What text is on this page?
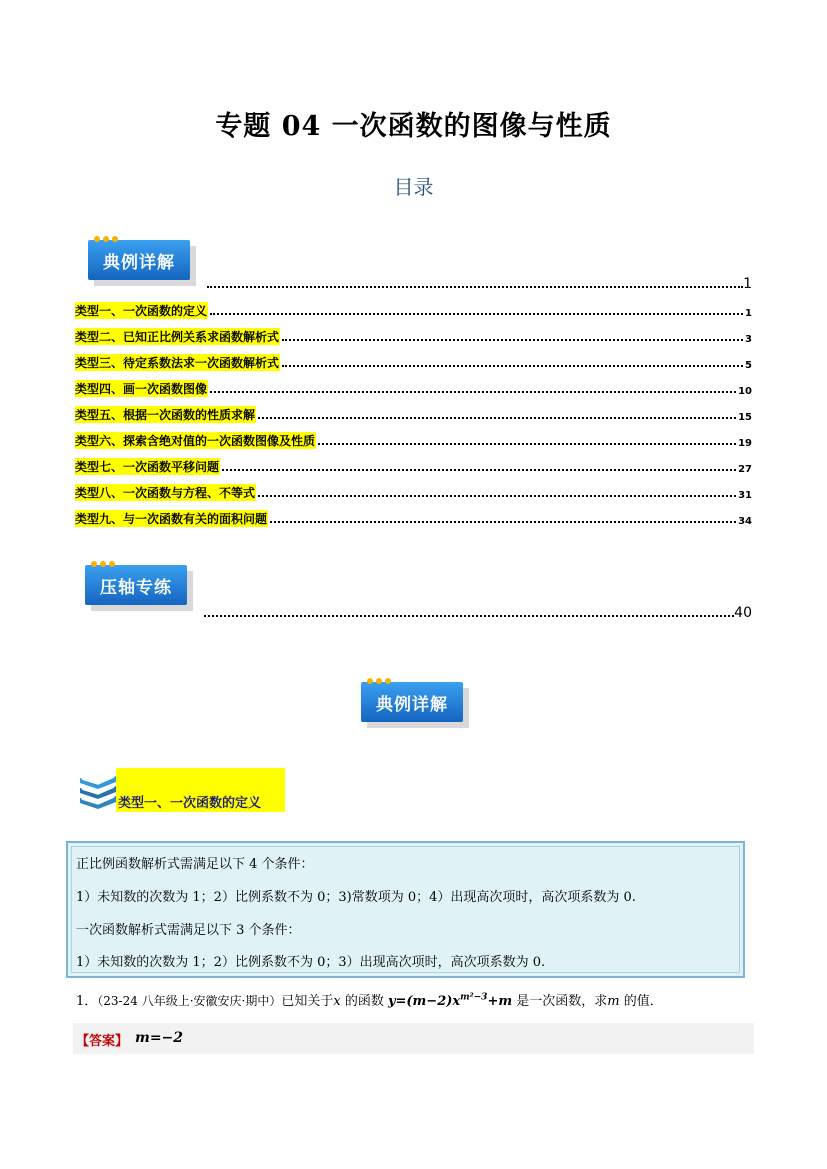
专题 04 一次函数的图像与性质
目录
典例详解
1
类型一、一次函数的定义	1
类型二、已知正比例关系求函数解析式	3
类型三、待定系数法求一次函数解析式	5
类型四、画一次函数图像	10
类型五、根据一次函数的性质求解	15
类型六、探索含绝对值的一次函数图像及性质	19
类型七、一次函数平移问题	27
类型八、一次函数与方程、不等式	31
类型九、与一次函数有关的面积问题	34
压轴专练
40
典例详解
类型一、一次函数的定义

正比例函数解析式需满足以下 4 个条件：

1）未知数的次数为 1；2）比例系数不为 0；3)常数项为 0；4）出现高次项时，高次项系数为 0.

一次函数解析式需满足以下 3 个条件：

1）未知数的次数为 1；2）比例系数不为 0；3）出现高次项时，高次项系数为 0.

1．（23-24 八年级上·安徽安庆·期中）已知关于x 的函数 $y=(m-2)x^{m^2-3}+m$ 是一次函数，求m 的值．
【答案】 m=−2
